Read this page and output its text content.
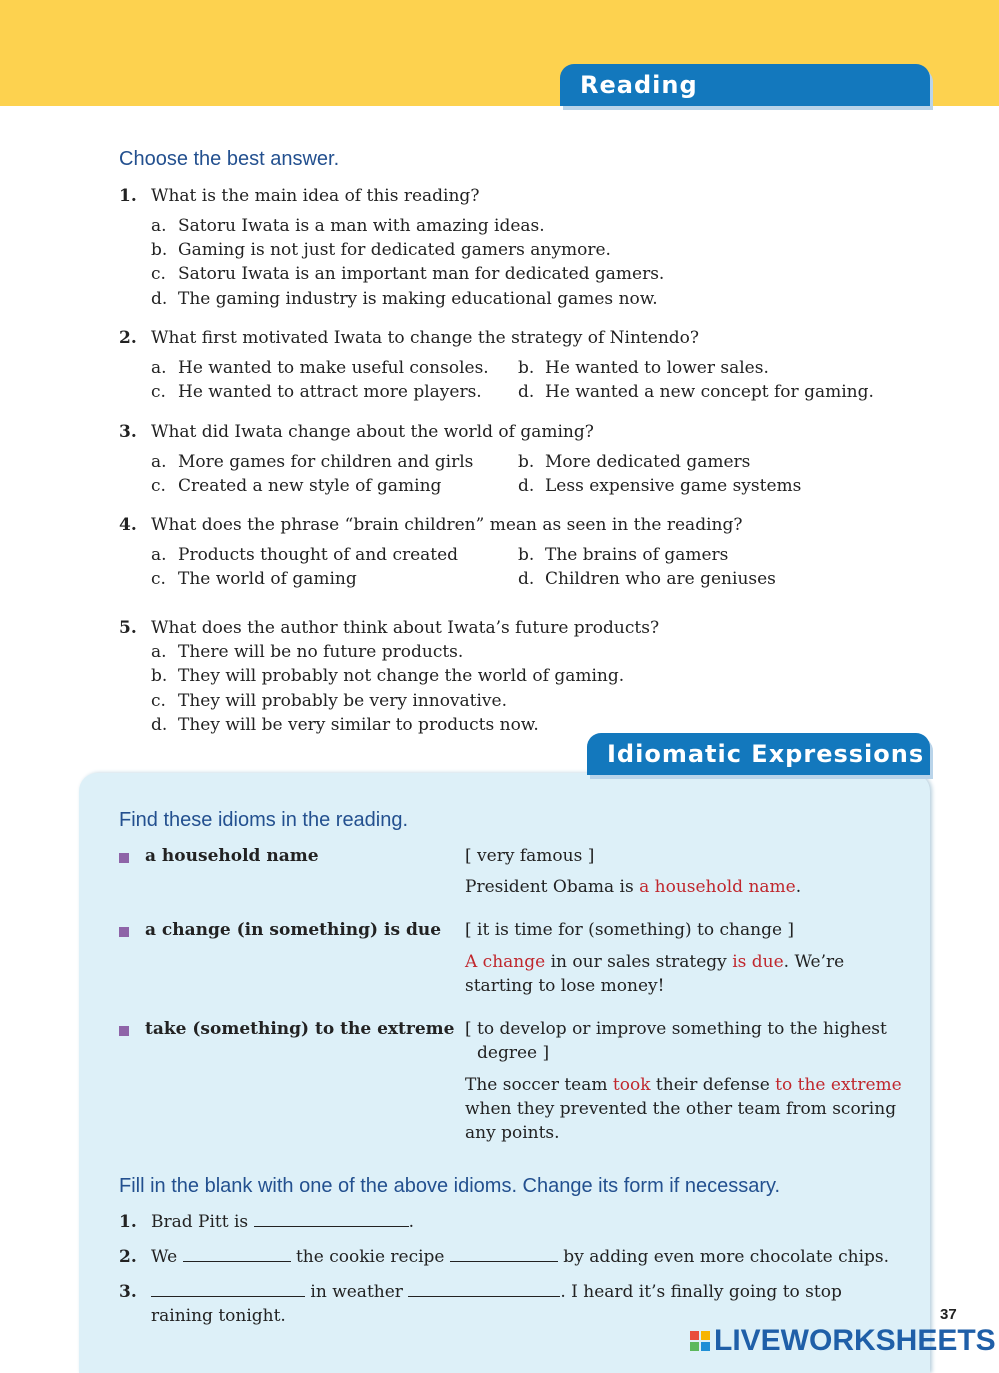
Reading Comprehension
Choose the best answer.
1. What is the main idea of this reading?
a. Satoru Iwata is a man with amazing ideas.
b. Gaming is not just for dedicated gamers anymore.
c. Satoru Iwata is an important man for dedicated gamers.
d. The gaming industry is making educational games now.
2. What first motivated Iwata to change the strategy of Nintendo?
a. He wanted to make useful consoles. b. He wanted to lower sales.
c. He wanted to attract more players. d. He wanted a new concept for gaming.
3. What did Iwata change about the world of gaming?
a. More games for children and girls	b. More dedicated gamers
c. Created a new style of gaming	d. Less expensive game systems
4. What does the phrase “brain children” mean as seen in the reading?
a. Products thought of and created	b. The brains of gamers
c. The world of gaming	d. Children who are geniuses
5. What does the author think about Iwata’s future products?
a. There will be no future products.
b. They will probably not change the world of gaming.
c. They will probably be very innovative.
d. They will be very similar to products now.
Idiomatic Expressions
Find these idioms in the reading.
a household name	[ very famous ]
President Obama is a household name.
a change (in something) is due [ it is time for (something) to change ]
A change in our sales strategy is due. We’re starting to lose money!
take (something) to the extreme [ to develop or improve something to the highest
degree ]
The soccer team took their defense to the extreme when they prevented the other team from scoring any points.
Fill in the blank with one of the above idioms. Change its form if necessary.
1. Brad Pitt is	.
2. We	the cookie recipe	by adding even more chocolate chips.
3.	in weather	. I heard it’s finally going to stop
raining tonight.	37
LIVEWORKSHEETS
